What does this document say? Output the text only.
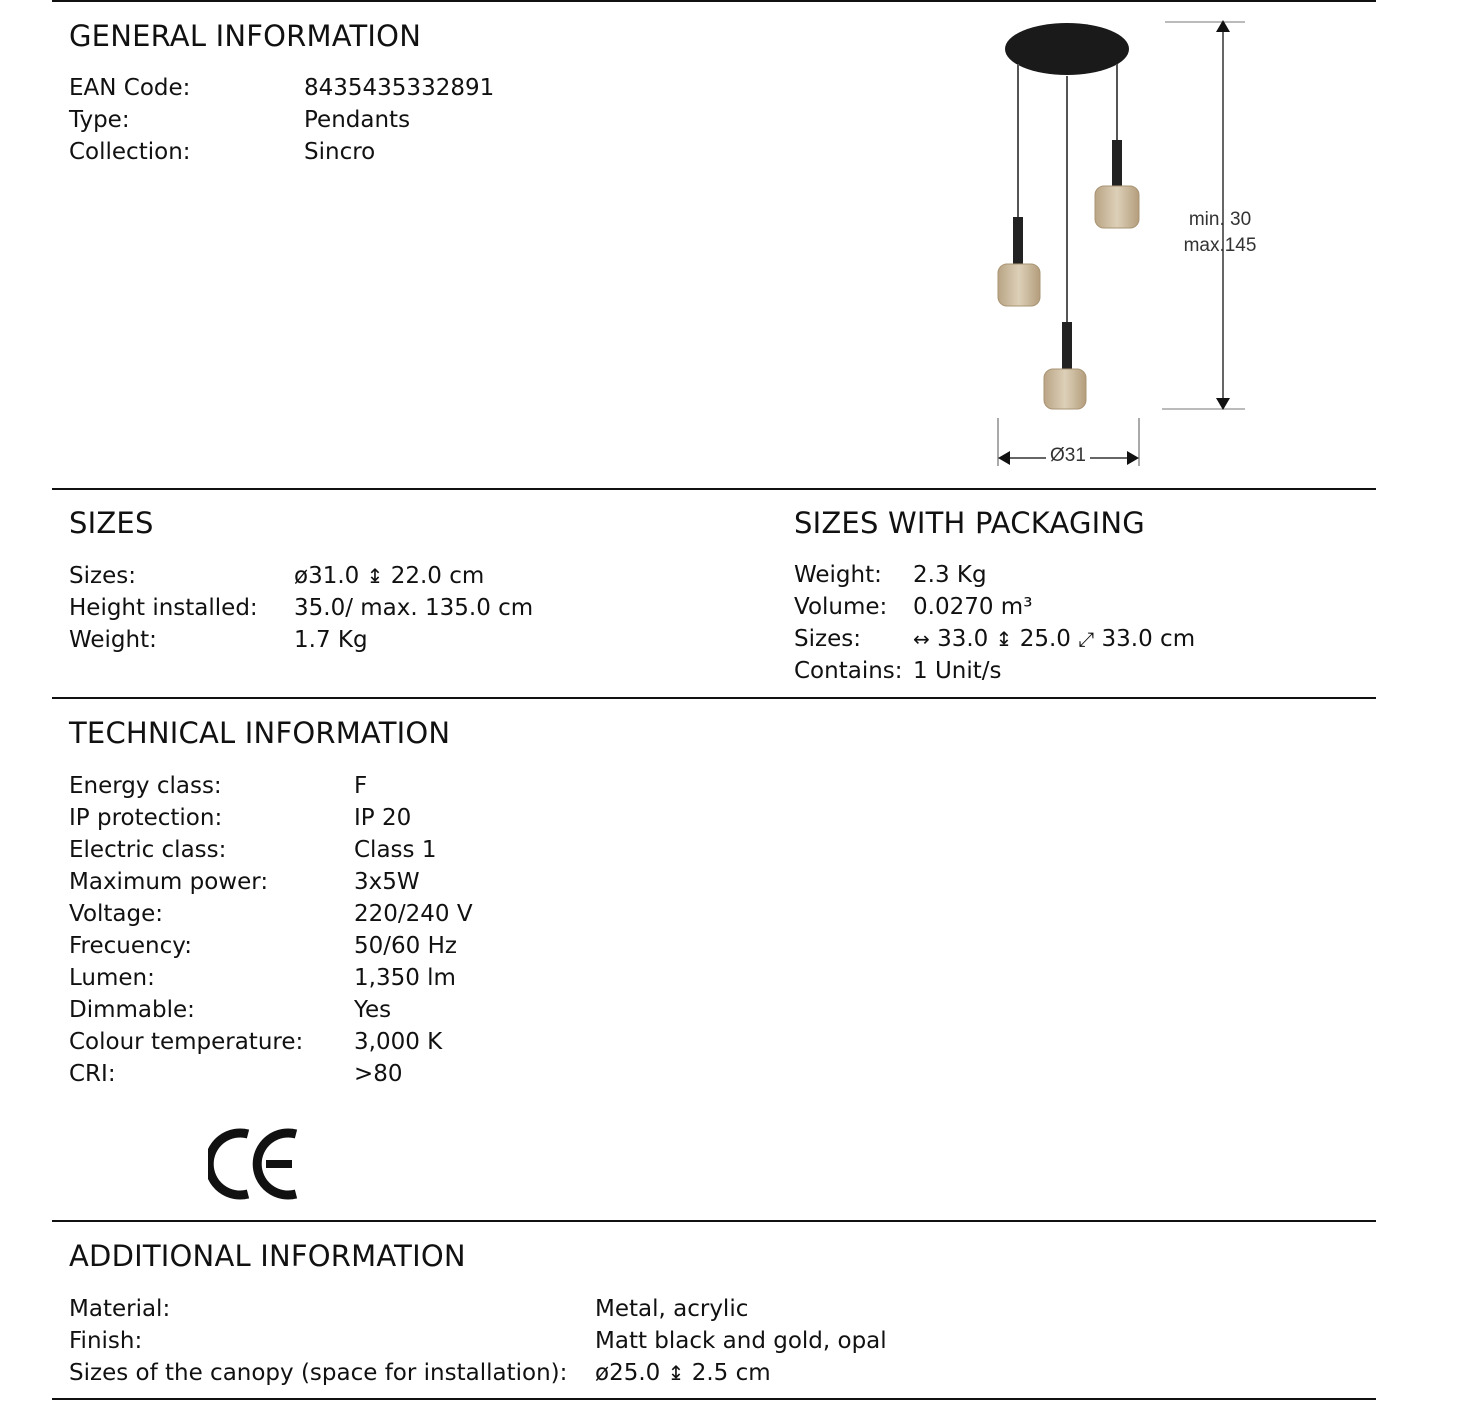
GENERAL INFORMATION
EAN Code:	8435435332891
Type:	Pendants
Collection:	Sincro
min. 30
max.145
Ø31
SIZES
Sizes:	ø31.0 ↨ 22.0 cm
Height installed: 35.0/ max. 135.0 cm
Weight:	1.7 Kg
SIZES WITH PACKAGING
Weight: 2.3 Kg
Volume: 0.0270 m³
Sizes:	↔ 33.0 ↨ 25.0 ⤢ 33.0 cm
Contains: 1 Unit/s
TECHNICAL INFORMATION
Energy class:	F
IP protection:	IP 20
Electric class:	Class 1
Maximum power:	3x5W
Voltage:	220/240 V
Frecuency:	50/60 Hz
Lumen:	1,350 lm
Dimmable:	Yes
Colour temperature: 3,000 K
CRI:	>80
ADDITIONAL INFORMATION
Material:	Metal, acrylic
Finish:	Matt black and gold, opal
Sizes of the canopy (space for installation): ø25.0 ↨ 2.5 cm
